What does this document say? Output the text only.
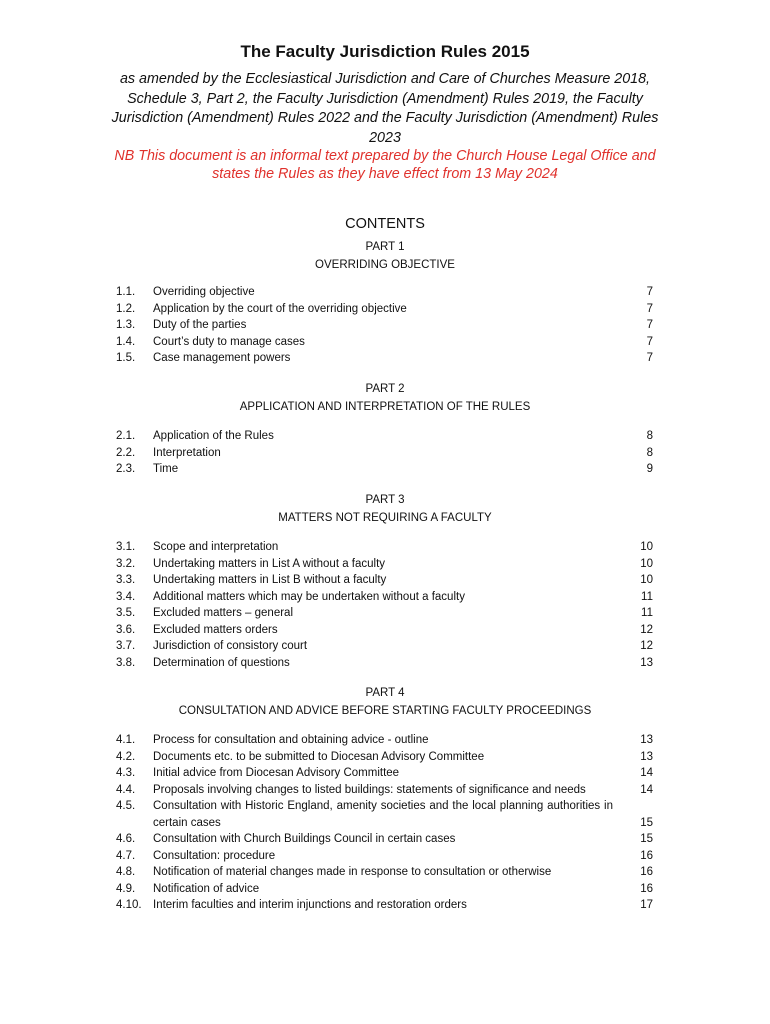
The Faculty Jurisdiction Rules 2015
as amended by the Ecclesiastical Jurisdiction and Care of Churches Measure 2018, Schedule 3, Part 2, the Faculty Jurisdiction (Amendment) Rules 2019, the Faculty Jurisdiction (Amendment) Rules 2022 and the Faculty Jurisdiction (Amendment) Rules 2023
NB This document is an informal text prepared by the Church House Legal Office and states the Rules as they have effect from 13 May 2024
CONTENTS
PART 1
OVERRIDING OBJECTIVE
1.1.	Overriding objective	7
1.2.	Application by the court of the overriding objective	7
1.3.	Duty of the parties	7
1.4.	Court’s duty to manage cases	7
1.5.	Case management powers	7
PART 2
APPLICATION AND INTERPRETATION OF THE RULES
2.1.	Application of the Rules	8
2.2.	Interpretation	8
2.3.	Time	9
PART 3
MATTERS NOT REQUIRING A FACULTY
3.1.	Scope and interpretation	10
3.2.	Undertaking matters in List A without a faculty	10
3.3.	Undertaking matters in List B without a faculty	10
3.4.	Additional matters which may be undertaken without a faculty	11
3.5.	Excluded matters – general	11
3.6.	Excluded matters orders	12
3.7.	Jurisdiction of consistory court	12
3.8.	Determination of questions	13
PART 4
CONSULTATION AND ADVICE BEFORE STARTING FACULTY PROCEEDINGS
4.1.	Process for consultation and obtaining advice - outline	13
4.2.	Documents etc. to be submitted to Diocesan Advisory Committee	13
4.3.	Initial advice from Diocesan Advisory Committee	14
4.4.	Proposals involving changes to listed buildings: statements of significance and needs	14
4.5.	Consultation with Historic England, amenity societies and the local planning authorities in certain cases	15
4.6.	Consultation with Church Buildings Council in certain cases	15
4.7.	Consultation: procedure	16
4.8.	Notification of material changes made in response to consultation or otherwise	16
4.9.	Notification of advice	16
4.10. Interim faculties and interim injunctions and restoration orders	17
